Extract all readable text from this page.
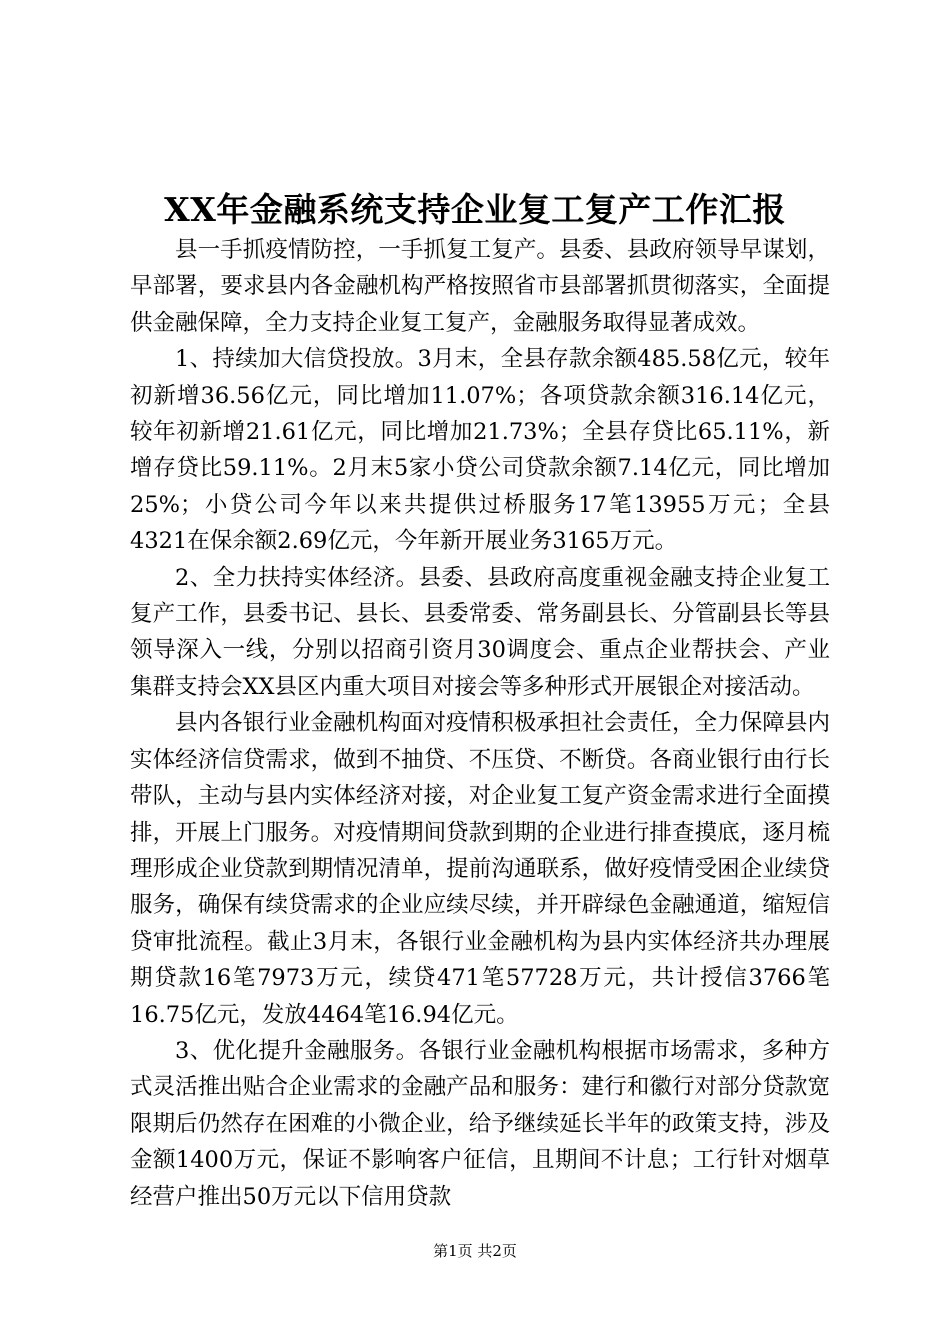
XX年金融系统支持企业复工复产工作汇报

县一手抓疫情防控，一手抓复工复产。县委、县政府领导早谋划，早部署，要求县内各金融机构严格按照省市县部署抓贯彻落实，全面提供金融保障，全力支持企业复工复产，金融服务取得显著成效。

1、持续加大信贷投放。3月末，全县存款余额485.58亿元，较年初新增36.56亿元，同比增加11.07%；各项贷款余额316.14亿元，较年初新增21.61亿元，同比增加21.73%；全县存贷比65.11%，新增存贷比59.11%。2月末5家小贷公司贷款余额7.14亿元，同比增加25%；小贷公司今年以来共提供过桥服务17笔13955万元；全县4321在保余额2.69亿元，今年新开展业务3165万元。

2、全力扶持实体经济。县委、县政府高度重视金融支持企业复工复产工作，县委书记、县长、县委常委、常务副县长、分管副县长等县领导深入一线，分别以招商引资月30调度会、重点企业帮扶会、产业集群支持会XX县区内重大项目对接会等多种形式开展银企对接活动。

县内各银行业金融机构面对疫情积极承担社会责任，全力保障县内实体经济信贷需求，做到不抽贷、不压贷、不断贷。各商业银行由行长带队，主动与县内实体经济对接，对企业复工复产资金需求进行全面摸排，开展上门服务。对疫情期间贷款到期的企业进行排查摸底，逐月梳理形成企业贷款到期情况清单，提前沟通联系，做好疫情受困企业续贷服务，确保有续贷需求的企业应续尽续，并开辟绿色金融通道，缩短信贷审批流程。截止3月末，各银行业金融机构为县内实体经济共办理展期贷款16笔7973万元，续贷471笔57728万元，共计授信3766笔16.75亿元，发放4464笔16.94亿元。

3、优化提升金融服务。各银行业金融机构根据市场需求，多种方式灵活推出贴合企业需求的金融产品和服务：建行和徽行对部分贷款宽限期后仍然存在困难的小微企业，给予继续延长半年的政策支持，涉及金额1400万元，保证不影响客户征信，且期间不计息；工行针对烟草经营户推出50万元以下信用贷款

第1页 共2页
